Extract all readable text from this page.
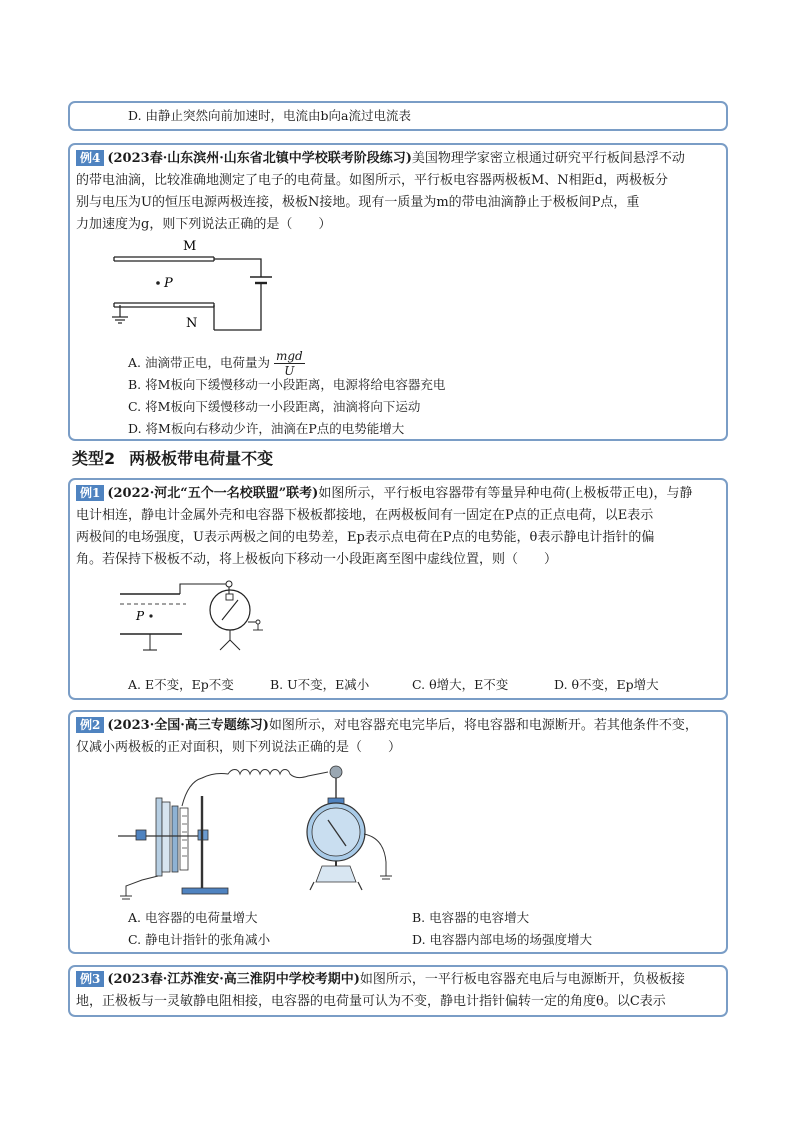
D. 由静止突然向前加速时，电流由b向a流过电流表
例4 (2023春·山东滨州·山东省北镇中学校联考阶段练习)美国物理学家密立根通过研究平行板间悬浮不动
的带电油滴，比较准确地测定了电子的电荷量。如图所示，平行板电容器两极板M、N相距d，两极板分
别与电压为U的恒压电源两极连接，极板N接地。现有一质量为m的带电油滴静止于极板间P点，重
力加速度为g，则下列说法正确的是（　　）
M
N
P
A. 油滴带正电，电荷量为 mgd
U
B. 将M板向下缓慢移动一小段距离，电源将给电容器充电
C. 将M板向下缓慢移动一小段距离，油滴将向下运动
D. 将M板向右移动少许，油滴在P点的电势能增大
类型2 两极板带电荷量不变
例1 (2022·河北“五个一名校联盟”联考)如图所示，平行板电容器带有等量异种电荷(上极板带正电)，与静
电计相连，静电计金属外壳和电容器下极板都接地，在两极板间有一固定在P点的正点电荷，以E表示
两极间的电场强度，U表示两极之间的电势差，Ep表示点电荷在P点的电势能，θ表示静电计指针的偏
角。若保持下极板不动，将上极板向下移动一小段距离至图中虚线位置，则（　　）
P
A. E不变，Ep不变	B. U不变，E减小	C. θ增大，E不变	D. θ不变，Ep增大
例2 (2023·全国·高三专题练习)如图所示，对电容器充电完毕后，将电容器和电源断开。若其他条件不变，
仅减小两极板的正对面积，则下列说法正确的是（　　）
A. 电容器的电荷量增大	B. 电容器的电容增大
C. 静电计指针的张角减小	D. 电容器内部电场的场强度增大
例3 (2023春·江苏淮安·高三淮阴中学校考期中)如图所示，一平行板电容器充电后与电源断开，负极板接
地，正极板与一灵敏静电阻相接，电容器的电荷量可认为不变，静电计指针偏转一定的角度θ。以C表示
